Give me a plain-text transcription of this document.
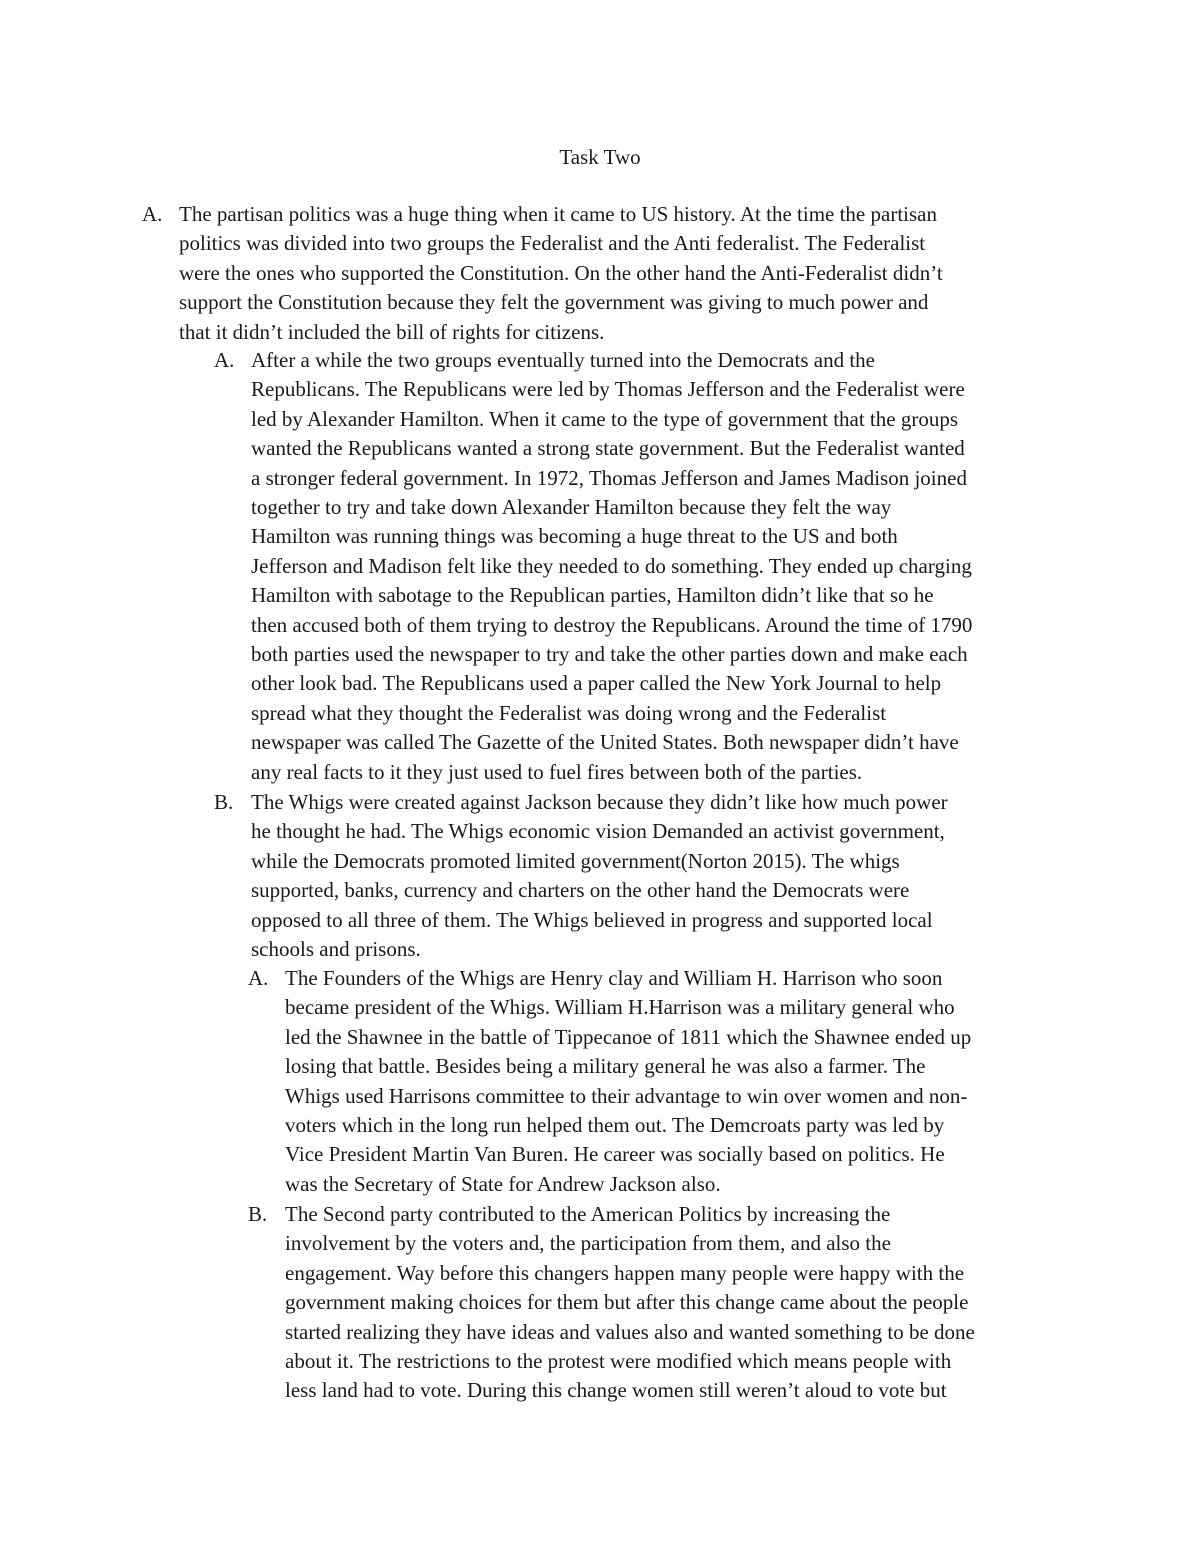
Task Two
A. The partisan politics was a huge thing when it came to US history. At the time the partisan
politics was divided into two groups the Federalist and the Anti federalist. The Federalist
were the ones who supported the Constitution. On the other hand the Anti-Federalist didn’t
support the Constitution because they felt the government was giving to much power and
that it didn’t included the bill of rights for citizens.
A. After a while the two groups eventually turned into the Democrats and the
Republicans. The Republicans were led by Thomas Jefferson and the Federalist were
led by Alexander Hamilton. When it came to the type of government that the groups
wanted the Republicans wanted a strong state government. But the Federalist wanted
a stronger federal government. In 1972, Thomas Jefferson and James Madison joined
together to try and take down Alexander Hamilton because they felt the way
Hamilton was running things was becoming a huge threat to the US and both
Jefferson and Madison felt like they needed to do something. They ended up charging
Hamilton with sabotage to the Republican parties, Hamilton didn’t like that so he
then accused both of them trying to destroy the Republicans. Around the time of 1790
both parties used the newspaper to try and take the other parties down and make each
other look bad. The Republicans used a paper called the New York Journal to help
spread what they thought the Federalist was doing wrong and the Federalist
newspaper was called The Gazette of the United States. Both newspaper didn’t have
any real facts to it they just used to fuel fires between both of the parties.
B. The Whigs were created against Jackson because they didn’t like how much power
he thought he had. The Whigs economic vision Demanded an activist government,
while the Democrats promoted limited government(Norton 2015). The whigs
supported, banks, currency and charters on the other hand the Democrats were
opposed to all three of them. The Whigs believed in progress and supported local
schools and prisons.
A. The Founders of the Whigs are Henry clay and William H. Harrison who soon
became president of the Whigs. William H.Harrison was a military general who
led the Shawnee in the battle of Tippecanoe of 1811 which the Shawnee ended up
losing that battle. Besides being a military general he was also a farmer. The
Whigs used Harrisons committee to their advantage to win over women and non-
voters which in the long run helped them out. The Demcroats party was led by
Vice President Martin Van Buren. He career was socially based on politics. He
was the Secretary of State for Andrew Jackson also.
B. The Second party contributed to the American Politics by increasing the
involvement by the voters and, the participation from them, and also the
engagement. Way before this changers happen many people were happy with the
government making choices for them but after this change came about the people
started realizing they have ideas and values also and wanted something to be done
about it. The restrictions to the protest were modified which means people with
less land had to vote. During this change women still weren’t aloud to vote but
